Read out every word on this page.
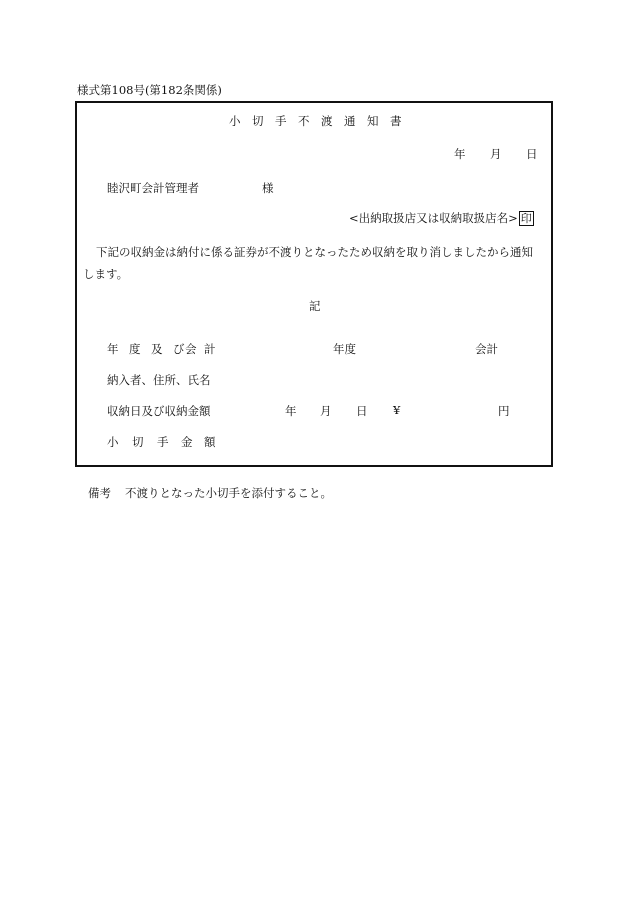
様式第108号(第182条関係)
小 切 手 不 渡 通 知 書
年 月 日
睦沢町会計管理者	様
<出納取扱店又は収納取扱店名> 印
下記の収納金は納付に係る証券が不渡りとなったため収納を取り消しましたから通知
します。
記
年 度 及 び 会 計	年度	会計
納入者、住所、氏名
収納日及び収納金額	年 月 日 ¥	円
小 切 手 金 額
備考 不渡りとなった小切手を添付すること。
